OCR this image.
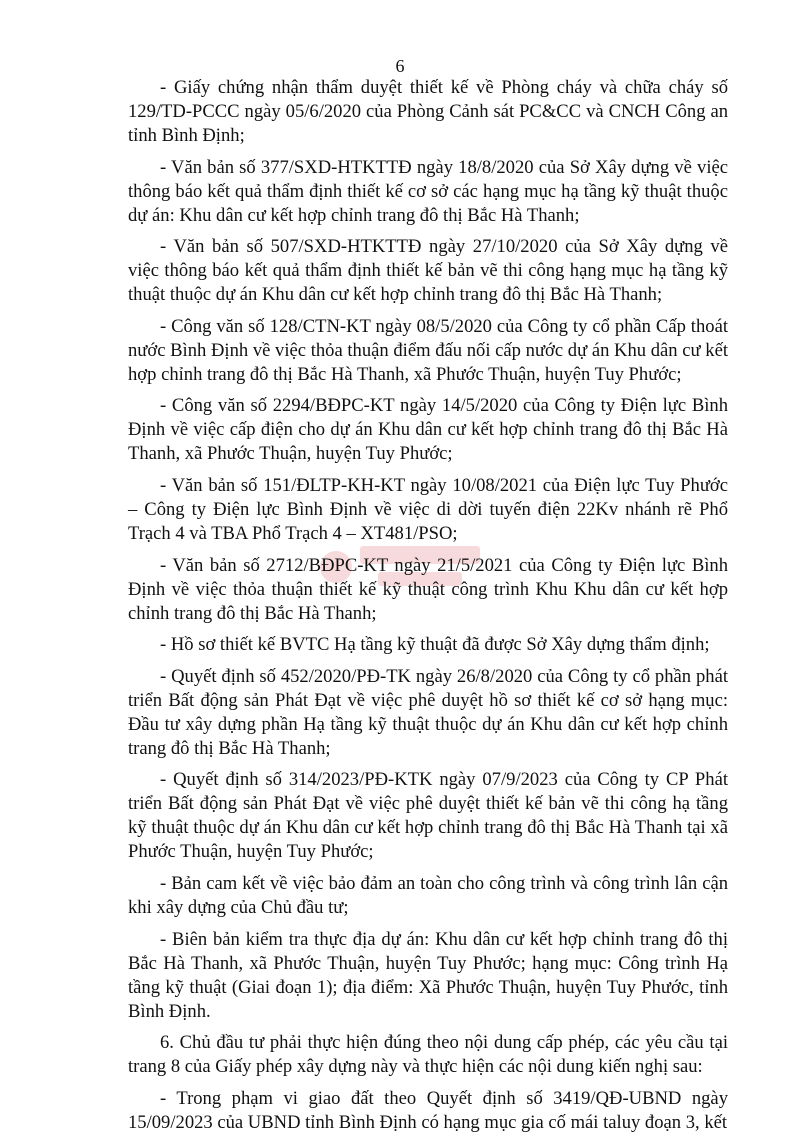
6

- Giấy chứng nhận thẩm duyệt thiết kế về Phòng cháy và chữa cháy số 129/TD-PCCC ngày 05/6/2020 của Phòng Cảnh sát PC&CC và CNCH Công an tỉnh Bình Định;

- Văn bản số 377/SXD-HTKTTĐ ngày 18/8/2020 của Sở Xây dựng về việc thông báo kết quả thẩm định thiết kế cơ sở các hạng mục hạ tầng kỹ thuật thuộc dự án: Khu dân cư kết hợp chỉnh trang đô thị Bắc Hà Thanh;

- Văn bản số 507/SXD-HTKTTĐ ngày 27/10/2020 của Sở Xây dựng về việc thông báo kết quả thẩm định thiết kế bản vẽ thi công hạng mục hạ tầng kỹ thuật thuộc dự án Khu dân cư kết hợp chỉnh trang đô thị Bắc Hà Thanh;

- Công văn số 128/CTN-KT ngày 08/5/2020 của Công ty cổ phần Cấp thoát nước Bình Định về việc thỏa thuận điểm đấu nối cấp nước dự án Khu dân cư kết hợp chỉnh trang đô thị Bắc Hà Thanh, xã Phước Thuận, huyện Tuy Phước;

- Công văn số 2294/BĐPC-KT ngày 14/5/2020 của Công ty Điện lực Bình Định về việc cấp điện cho dự án Khu dân cư kết hợp chỉnh trang đô thị Bắc Hà Thanh, xã Phước Thuận, huyện Tuy Phước;

- Văn bản số 151/ĐLTP-KH-KT ngày 10/08/2021 của Điện lực Tuy Phước – Công ty Điện lực Bình Định về việc di dời tuyến điện 22Kv nhánh rẽ Phổ Trạch 4 và TBA Phổ Trạch 4 – XT481/PSO;

- Văn bản số 2712/BĐPC-KT ngày 21/5/2021 của Công ty Điện lực Bình Định về việc thỏa thuận thiết kế kỹ thuật công trình Khu Khu dân cư kết hợp chỉnh trang đô thị Bắc Hà Thanh;

- Hồ sơ thiết kế BVTC Hạ tầng kỹ thuật đã được Sở Xây dựng thẩm định;

- Quyết định số 452/2020/PĐ-TK ngày 26/8/2020 của Công ty cổ phần phát triển Bất động sản Phát Đạt về việc phê duyệt hồ sơ thiết kế cơ sở hạng mục: Đầu tư xây dựng phần Hạ tầng kỹ thuật thuộc dự án Khu dân cư kết hợp chỉnh trang đô thị Bắc Hà Thanh;

- Quyết định số 314/2023/PĐ-KTK ngày 07/9/2023 của Công ty CP Phát triển Bất động sản Phát Đạt về việc phê duyệt thiết kế bản vẽ thi công hạ tầng kỹ thuật thuộc dự án Khu dân cư kết hợp chỉnh trang đô thị Bắc Hà Thanh tại xã Phước Thuận, huyện Tuy Phước;

- Bản cam kết về việc bảo đảm an toàn cho công trình và công trình lân cận khi xây dựng của Chủ đầu tư;

- Biên bản kiểm tra thực địa dự án: Khu dân cư kết hợp chỉnh trang đô thị Bắc Hà Thanh, xã Phước Thuận, huyện Tuy Phước; hạng mục: Công trình Hạ tầng kỹ thuật (Giai đoạn 1); địa điểm: Xã Phước Thuận, huyện Tuy Phước, tỉnh Bình Định.

6. Chủ đầu tư phải thực hiện đúng theo nội dung cấp phép, các yêu cầu tại trang 8 của Giấy phép xây dựng này và thực hiện các nội dung kiến nghị sau:

- Trong phạm vi giao đất theo Quyết định số 3419/QĐ-UBND ngày 15/09/2023 của UBND tỉnh Bình Định có hạng mục gia cố mái taluy đoạn 3, kết
